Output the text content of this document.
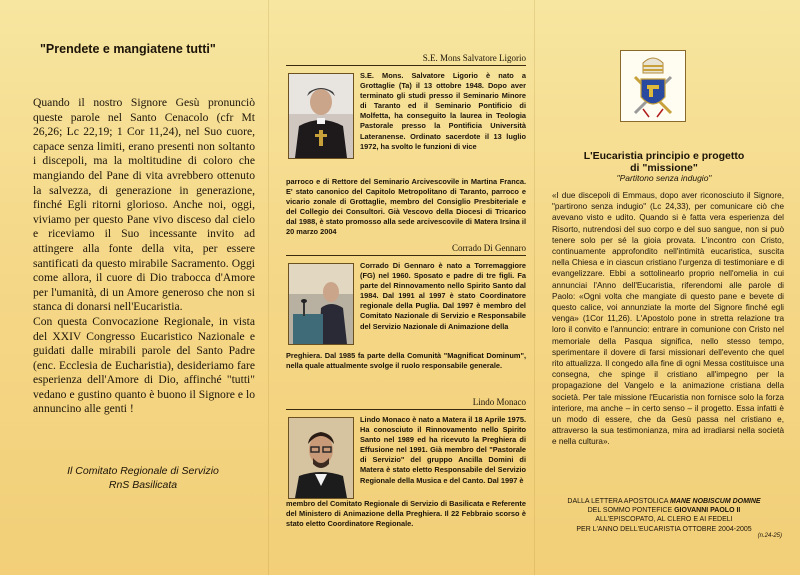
"Prendete e mangiatene tutti"

Quando il nostro Signore Gesù pronunciò queste parole nel Santo Cenacolo (cfr Mt 26,26; Lc 22,19; 1 Cor 11,24), nel Suo cuore, capace senza limiti, erano presenti non soltanto i discepoli, ma la moltitudine di coloro che mangiando del Pane di vita avrebbero ottenuto la salvezza, di generazione in generazione, finché Egli ritorni glorioso. Anche noi, oggi, viviamo per questo Pane vivo disceso dal cielo e riceviamo il Suo incessante invito ad attingere alla fonte della vita, per essere santificati da questo mirabile Sacramento. Oggi come allora, il cuore di Dio trabocca d'Amore per l'umanità, di un Amore generoso che non si stanca di donarsi nell'Eucaristia.

Con questa Convocazione Regionale, in vista del XXIV Congresso Eucaristico Nazionale e guidati dalle mirabili parole del Santo Padre (enc. Ecclesia de Eucharistia), desideriamo fare esperienza dell'Amore di Dio, affinché "tutti" vedano e gustino quanto è buono il Signore e lo annuncino alle genti !

Il Comitato Regionale di Servizio
RnS Basilicata
S.E. Mons Salvatore Ligorio
S.E. Mons. Salvatore Ligorio è nato a Grottaglie (Ta) il 13 ottobre 1948. Dopo aver terminato gli studi presso il Seminario Minore di Taranto ed il Seminario Pontificio di Molfetta, ha conseguito la laurea in Teologia Pastorale presso la Pontificia Università Lateranense. Ordinato sacerdote il 13 luglio 1972, ha svolto le funzioni di vice
parroco e di Rettore del Seminario Arcivescovile in Martina Franca. E' stato canonico del Capitolo Metropolitano di Taranto, parroco e vicario zonale di Grottaglie, membro del Consiglio Presbiteriale e del Collegio dei Consultori. Già Vescovo della Diocesi di Tricarico dal 1988, è stato promosso alla sede arcivescovile di Matera Irsina il 20 marzo 2004
Corrado Di Gennaro
Corrado Di Gennaro è nato a Torremaggiore (FG) nel 1960. Sposato e padre di tre figli. Fa parte del Rinnovamento nello Spirito Santo dal 1984. Dal 1991 al 1997 è stato Coordinatore regionale della Puglia. Dal 1997 è membro del Comitato Nazionale di Servizio e Responsabile del Servizio Nazionale di Animazione della
Preghiera. Dal 1985 fa parte della Comunità "Magnificat Dominum", nella quale attualmente svolge il ruolo responsabile generale.
Lindo Monaco
Lindo Monaco è nato a Matera il 18 Aprile 1975. Ha conosciuto il Rinnovamento nello Spirito Santo nel 1989 ed ha ricevuto la Preghiera di Effusione nel 1991. Già membro del "Pastorale di Servizio" del gruppo Ancilla Domini di Matera è stato eletto Responsabile del Servizio Regionale della Musica e del Canto. Dal 1997 è
membro del Comitato Regionale di Servizio di Basilicata e Referente del Ministero di Animazione della Preghiera. Il 22 Febbraio scorso è stato eletto Coordinatore Regionale.
L'Eucaristia principio e progetto
di "missione"
"Partitono senza indugio"
«I due discepoli di Emmaus, dopo aver riconosciuto il Signore, "partirono senza indugio" (Lc 24,33), per comunicare ciò che avevano visto e udito. Quando si è fatta vera esperienza del Risorto, nutrendosi del suo corpo e del suo sangue, non si può tenere solo per sé la gioia provata. L'incontro con Cristo, continuamente approfondito nell'intimità eucaristica, suscita nella Chiesa e in ciascun cristiano l'urgenza di testimoniare e di evangelizzare. Ebbi a sottolinearlo proprio nell'omelia in cui annunciai l'Anno dell'Eucaristia, riferendomi alle parole di Paolo: «Ogni volta che mangiate di questo pane e bevete di questo calice, voi annunziate la morte del Signore finché egli venga» (1Cor 11,26). L'Apostolo pone in stretta relazione tra loro il convito e l'annuncio: entrare in comunione con Cristo nel memoriale della Pasqua significa, nello stesso tempo, sperimentare il dovere di farsi missionari dell'evento che quel rito attualizza. Il congedo alla fine di ogni Messa costituisce una consegna, che spinge il cristiano all'impegno per la propagazione del Vangelo e la animazione cristiana della società. Per tale missione l'Eucaristia non fornisce solo la forza interiore, ma anche – in certo senso – il progetto. Essa infatti è un modo di essere, che da Gesù passa nel cristiano e, attraverso la sua testimonianza, mira ad irradiarsi nella società e nella cultura».
DALLA LETTERA APOSTOLICA MANE NOBISCUM DOMINE
DEL SOMMO PONTEFICE GIOVANNI PAOLO II
ALL'EPISCOPATO, AL CLERO E AI FEDELI
PER L'ANNO DELL'EUCARISTIA OTTOBRE 2004-2005
(n.24-25)
